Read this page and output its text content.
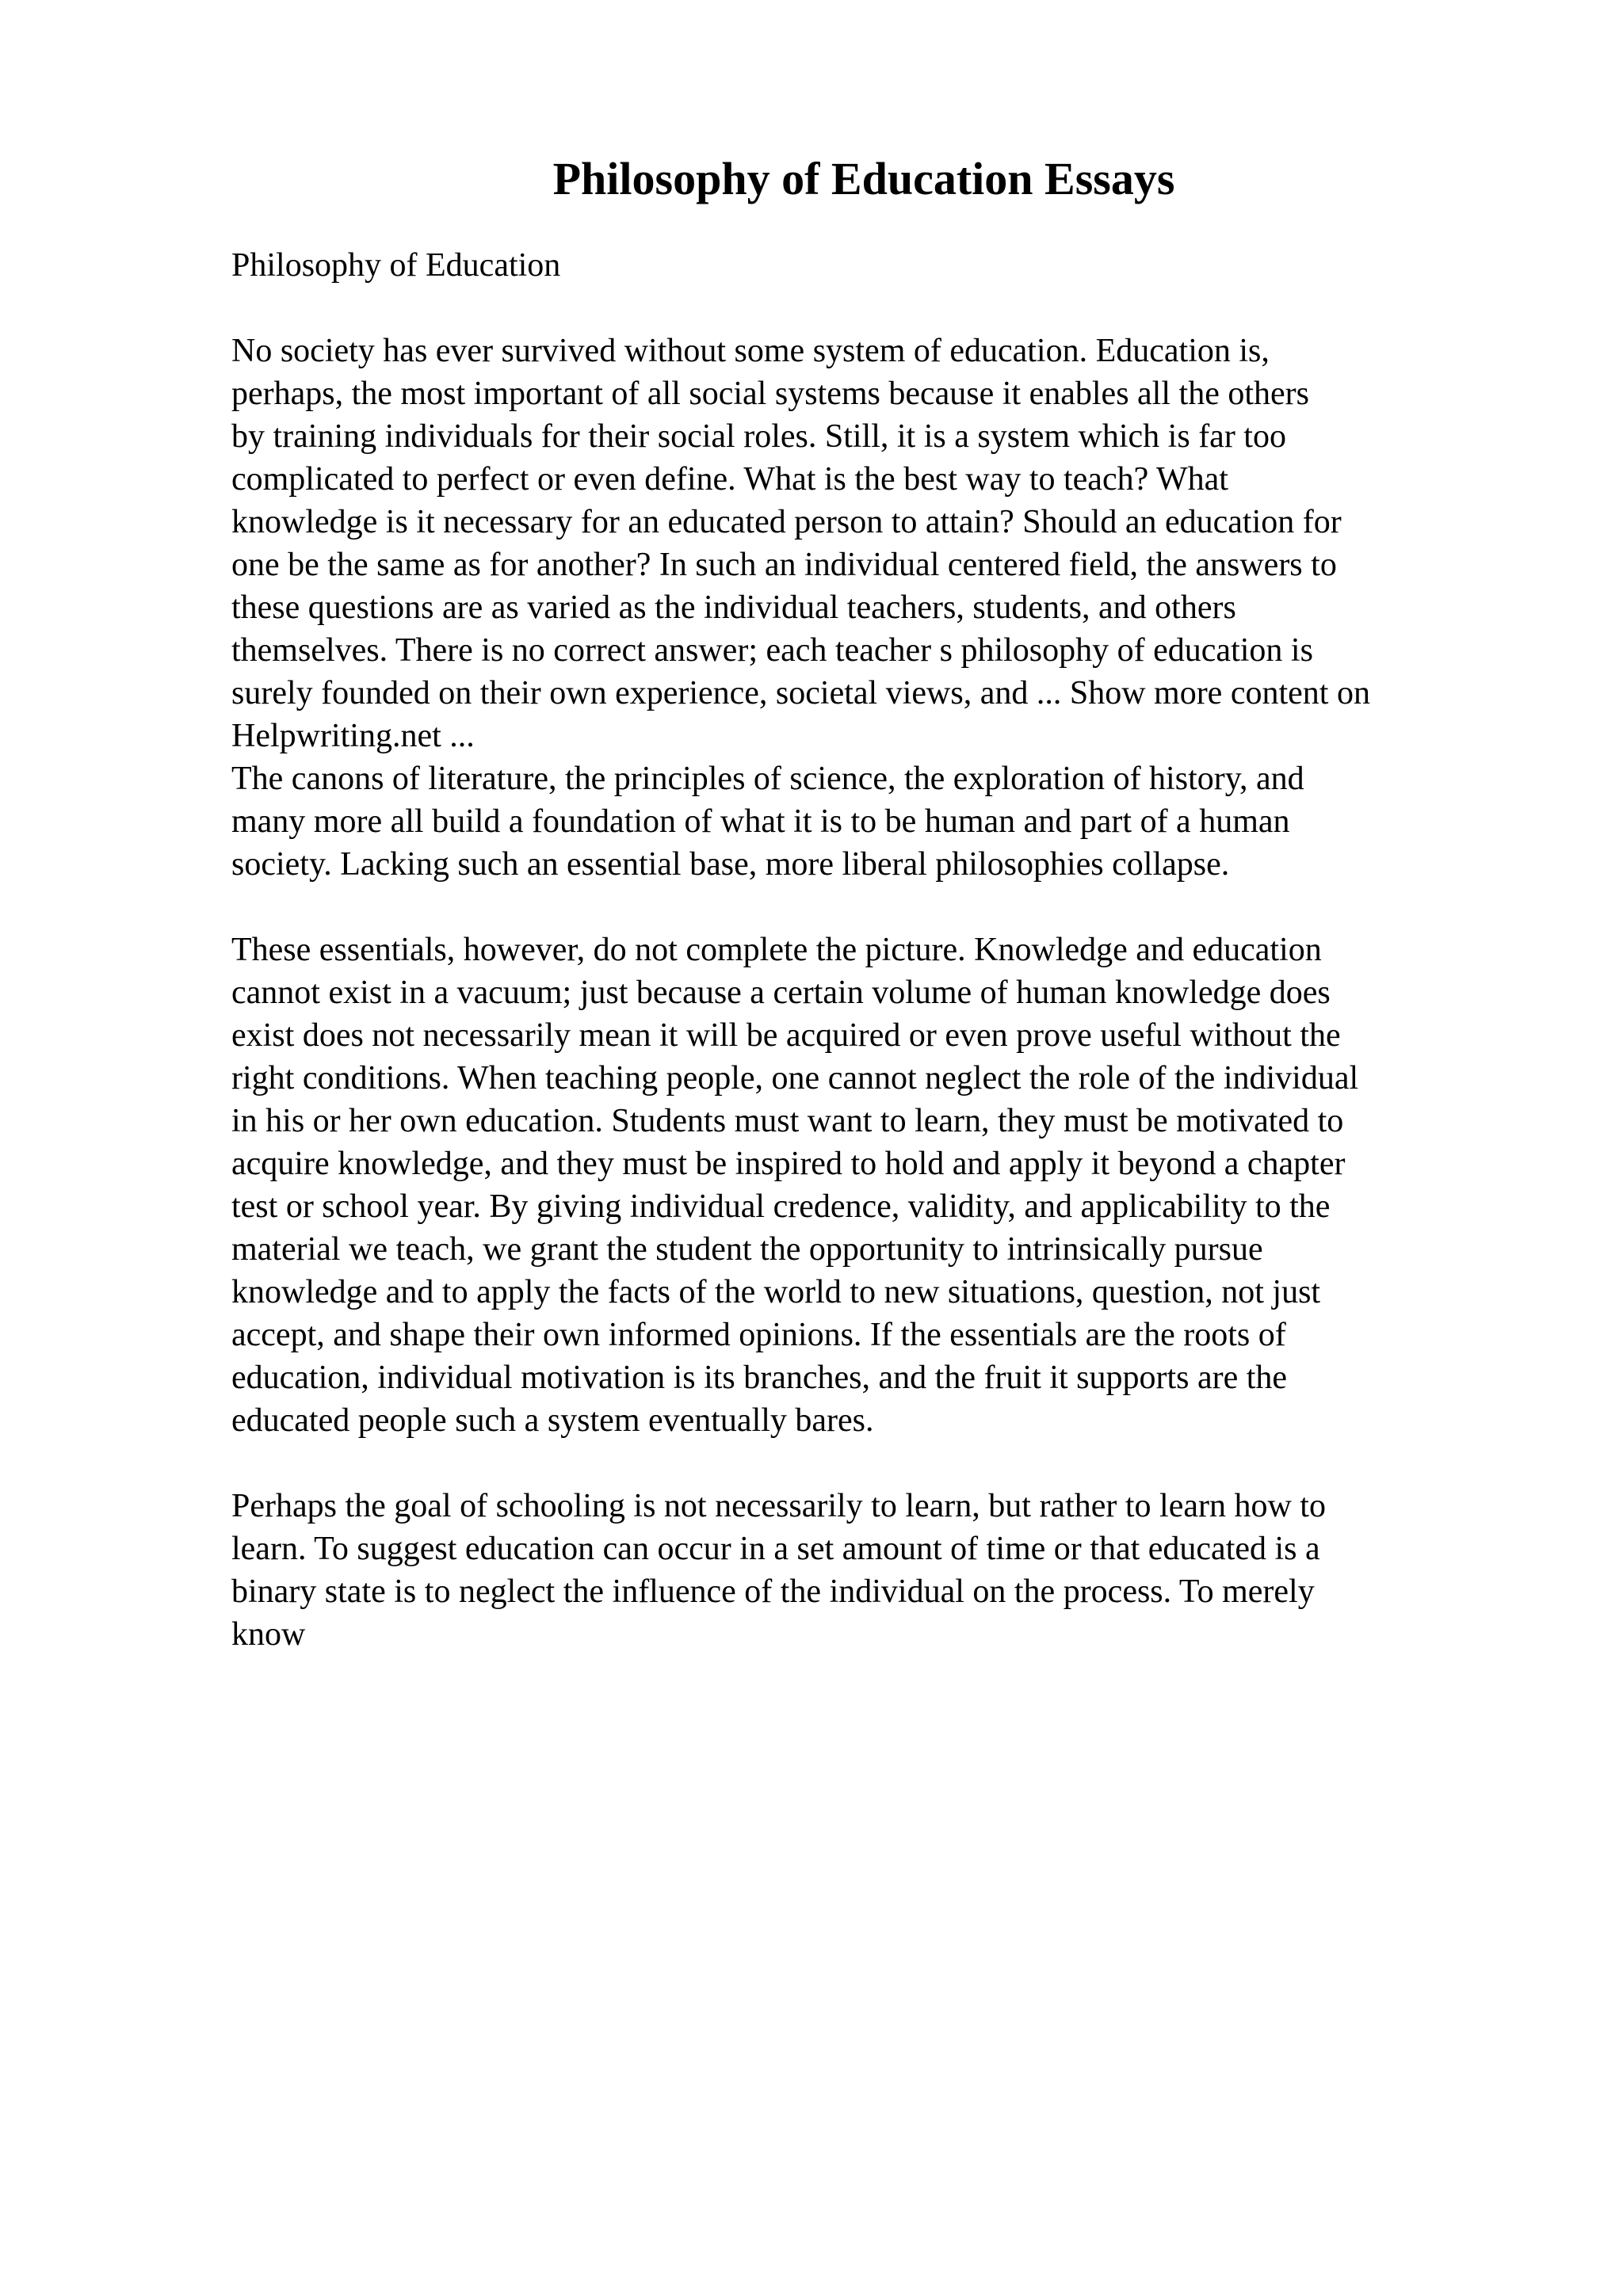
Philosophy of Education Essays

Philosophy of Education

No society has ever survived without some system of education. Education is,
perhaps, the most important of all social systems because it enables all the others
by training individuals for their social roles. Still, it is a system which is far too
complicated to perfect or even define. What is the best way to teach? What
knowledge is it necessary for an educated person to attain? Should an education for
one be the same as for another? In such an individual centered field, the answers to
these questions are as varied as the individual teachers, students, and others
themselves. There is no correct answer; each teacher s philosophy of education is
surely founded on their own experience, societal views, and ... Show more content on
Helpwriting.net ...

The canons of literature, the principles of science, the exploration of history, and
many more all build a foundation of what it is to be human and part of a human
society. Lacking such an essential base, more liberal philosophies collapse.

These essentials, however, do not complete the picture. Knowledge and education
cannot exist in a vacuum; just because a certain volume of human knowledge does
exist does not necessarily mean it will be acquired or even prove useful without the
right conditions. When teaching people, one cannot neglect the role of the individual
in his or her own education. Students must want to learn, they must be motivated to
acquire knowledge, and they must be inspired to hold and apply it beyond a chapter
test or school year. By giving individual credence, validity, and applicability to the
material we teach, we grant the student the opportunity to intrinsically pursue
knowledge and to apply the facts of the world to new situations, question, not just
accept, and shape their own informed opinions. If the essentials are the roots of
education, individual motivation is its branches, and the fruit it supports are the
educated people such a system eventually bares.

Perhaps the goal of schooling is not necessarily to learn, but rather to learn how to
learn. To suggest education can occur in a set amount of time or that educated is a
binary state is to neglect the influence of the individual on the process. To merely
know
